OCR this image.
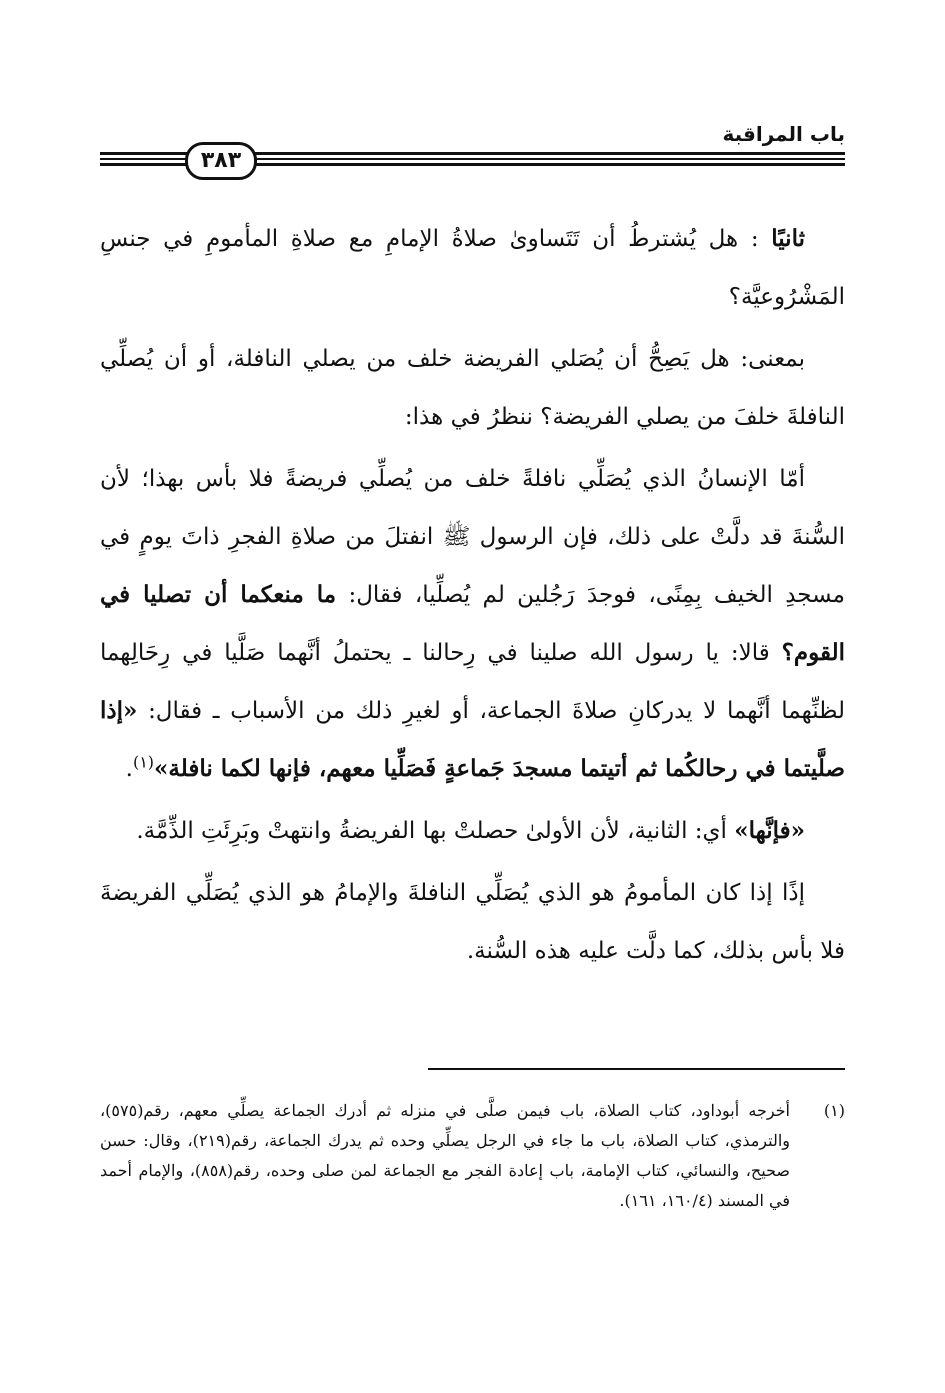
باب المراقبة
٣٨٣

ثانيًا : هل يُشترطُ أن تَتَساوىٰ صلاةُ الإمامِ مع صلاةِ المأمومِ في جنسِ المَشْرُوعيَّة؟

بمعنى: هل يَصِحُّ أن يُصَلي الفريضة خلف من يصلي النافلة، أو أن يُصلِّي النافلةَ خلفَ من يصلي الفريضة؟ ننظرُ في هذا:

أمّا الإنسانُ الذي يُصَلِّي نافلةً خلف من يُصلِّي فريضةً فلا بأس بهذا؛ لأن السُّنةَ قد دلَّتْ على ذلك، فإن الرسول ﷺ انفتلَ من صلاةِ الفجرِ ذاتَ يومٍ في مسجدِ الخيف بِمِنًى، فوجدَ رَجُلين لم يُصلِّيا، فقال: ما منعكما أن تصليا في القوم؟ قالا: يا رسول الله صلينا في رِحالنا ـ يحتملُ أنَّهما صَلَّيا في رِحَالِهما لظنِّهما أنَّهما لا يدركانِ صلاةَ الجماعة، أو لغيرِ ذلك من الأسباب ـ فقال: «إذا صلَّيتما في رحالكُما ثم أتيتما مسجدَ جَماعةٍ فَصَلِّيا معهم، فإنها لكما نافلة»$^{(١)}$.

«فإنَّها» أي: الثانية، لأن الأولىٰ حصلتْ بها الفريضةُ وانتهتْ وبَرِئَتِ الذِّمَّة.

إذًا إذا كان المأمومُ هو الذي يُصَلِّي النافلةَ والإمامُ هو الذي يُصَلِّي الفريضةَ فلا بأس بذلك، كما دلَّت عليه هذه السُّنة.

(١)
أخرجه أبوداود، كتاب الصلاة، باب فيمن صلَّى في منزله ثم أدرك الجماعة يصلِّي معهم، رقم(٥٧٥)، والترمذي، كتاب الصلاة، باب ما جاء في الرجل يصلِّي وحده ثم يدرك الجماعة، رقم(٢١٩)، وقال: حسن صحيح، والنسائي، كتاب الإمامة، باب إعادة الفجر مع الجماعة لمن صلى وحده، رقم(٨٥٨)، والإمام أحمد في المسند (١٦٠/٤، ١٦١).
